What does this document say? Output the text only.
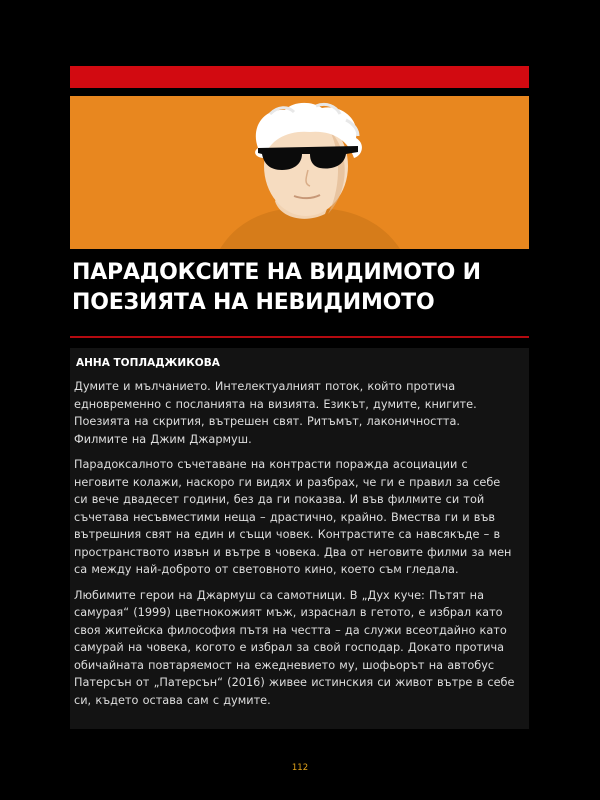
ПАРАДОКСИТЕ НА ВИДИМОТО И
ПОЕЗИЯТА НА НЕВИДИМОТО
АННА ТОПЛАДЖИКОВА

Думите и мълчанието. Интелектуалният поток, който протича
едновременно с посланията на визията. Езикът, думите, книгите.
Поезията на скрития, вътрешен свят. Ритъмът, лаконичността.
Филмите на Джим Джармуш.

Парадоксалното съчетаване на контрасти поражда асоциации с
неговите колажи, наскоро ги видях и разбрах, че ги е правил за себе
си вече двадесет години, без да ги показва. И във филмите си той
съчетава несъвместими неща – драстично, крайно. Вмества ги и във
вътрешния свят на един и същи човек. Контрастите са навсякъде – в
пространството извън и вътре в човека. Два от неговите филми за мен
са между най-доброто от световното кино, което съм гледала.

Любимите герои на Джармуш са самотници. В „Дух куче: Пътят на
самурая“ (1999) цветнокожият мъж, израснал в гетото, е избрал като
своя житейска философия пътя на честта – да служи всеотдайно като
самурай на човека, когото е избрал за свой господар. Докато протича
обичайната повтаряемост на ежедневието му, шофьорът на автобус
Патерсън от „Патерсън“ (2016) живее истинския си живот вътре в себе
си, където остава сам с думите.

112
